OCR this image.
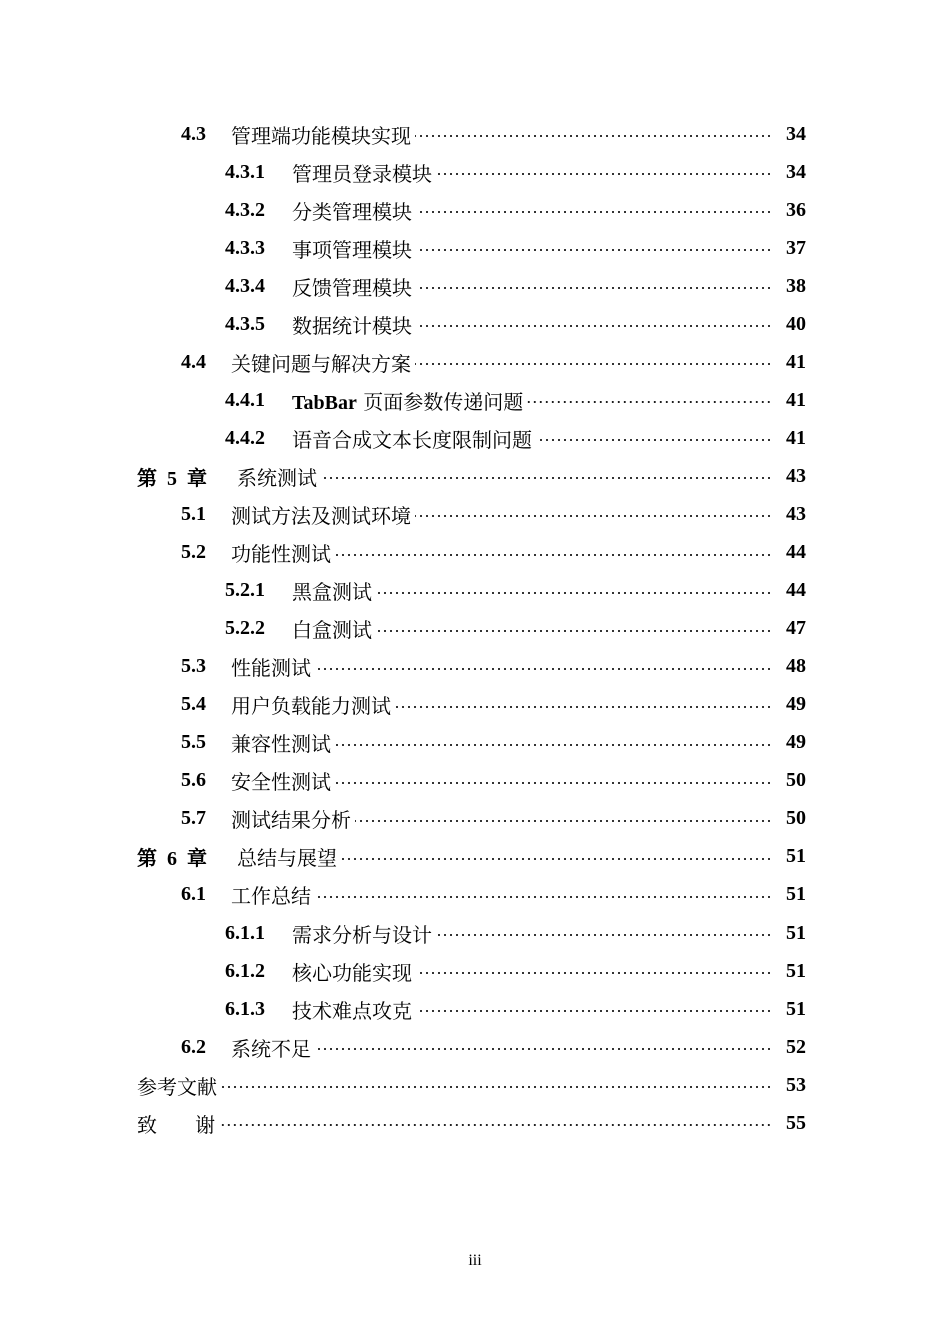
4.3	管理端功能模块实现	34
4.3.1	管理员登录模块	34
4.3.2	分类管理模块	36
4.3.3	事项管理模块	37
4.3.4	反馈管理模块	38
4.3.5	数据统计模块	40
4.4	关键问题与解决方案	41
4.4.1	TabBar 页面参数传递问题	41
4.4.2	语音合成文本长度限制问题	41
第  5  章 系统测试	43
5.1	测试方法及测试环境	43
5.2	功能性测试	44
5.2.1	黑盒测试	44
5.2.2	白盒测试	47
5.3	性能测试	48
5.4	用户负载能力测试	49
5.5	兼容性测试	49
5.6	安全性测试	50
5.7	测试结果分析	50
第  6  章 总结与展望	51
6.1	工作总结	51
6.1.1	需求分析与设计	51
6.1.2	核心功能实现	51
6.1.3	技术难点攻克	51
6.2	系统不足	52
参考文献	53
致      谢	55
iii
